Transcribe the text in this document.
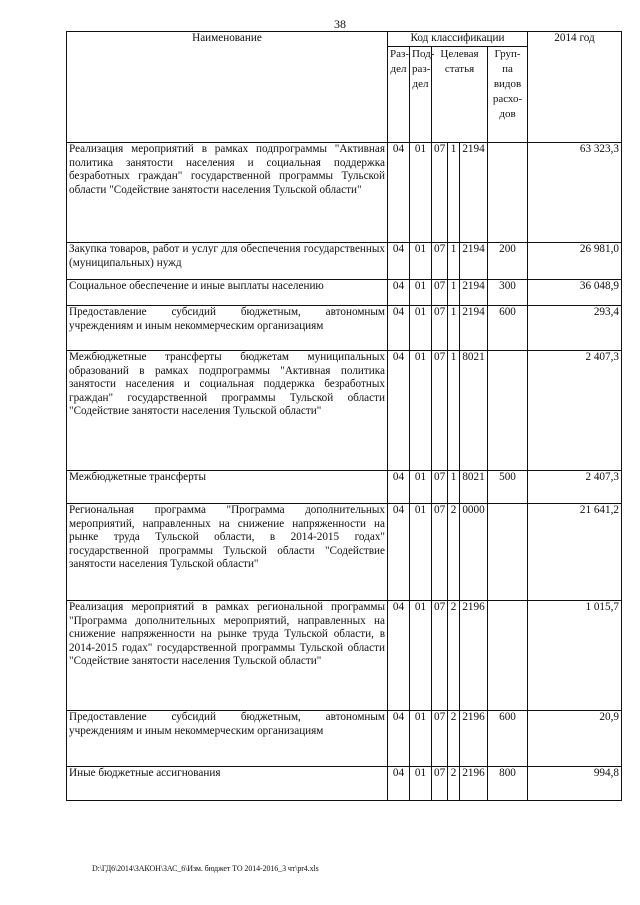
38
Наименование	Код классификации						2014 год
	Раз-дел	Под-раз-дел	Целевая статья			Груп-па видов расхо-дов	
Реализация мероприятий в рамках подпрограммы "Активная политика занятости населения и социальная поддержка безработных граждан" государственной программы Тульской области "Содействие занятости населения Тульской области"	04	01	07	1	2194		63 323,3
Закупка товаров, работ и услуг для обеспечения государственных (муниципальных) нужд	04	01	07	1	2194	200	26 981,0
Социальное обеспечение и иные выплаты населению	04	01	07	1	2194	300	36 048,9
Предоставление субсидий бюджетным, автономным учреждениям и иным некоммерческим организациям	04	01	07	1	2194	600	293,4
Межбюджетные трансферты бюджетам муниципальных образований в рамках подпрограммы "Активная политика занятости населения и социальная поддержка безработных граждан" государственной программы Тульской области "Содействие занятости населения Тульской области"	04	01	07	1	8021		2 407,3
Межбюджетные трансферты	04	01	07	1	8021	500	2 407,3
Региональная программа "Программа дополнительных мероприятий, направленных на снижение напряженности на рынке труда Тульской области, в 2014-2015 годах" государственной программы Тульской области "Содействие занятости населения Тульской области"	04	01	07	2	0000		21 641,2
Реализация мероприятий в рамках региональной программы "Программа дополнительных мероприятий, направленных на снижение напряженности на рынке труда Тульской области, в 2014-2015 годах" государственной программы Тульской области "Содействие занятости населения Тульской области"	04	01	07	2	2196		1 015,7
Предоставление субсидий бюджетным, автономным учреждениям и иным некоммерческим организациям	04	01	07	2	2196	600	20,9
Иные бюджетные ассигнования	04	01	07	2	2196	800	994,8
D:\ГД6\2014\ЗАКОН\ЗАС_6\Изм. бюджет ТО 2014-2016_3 чт\pr4.xls
